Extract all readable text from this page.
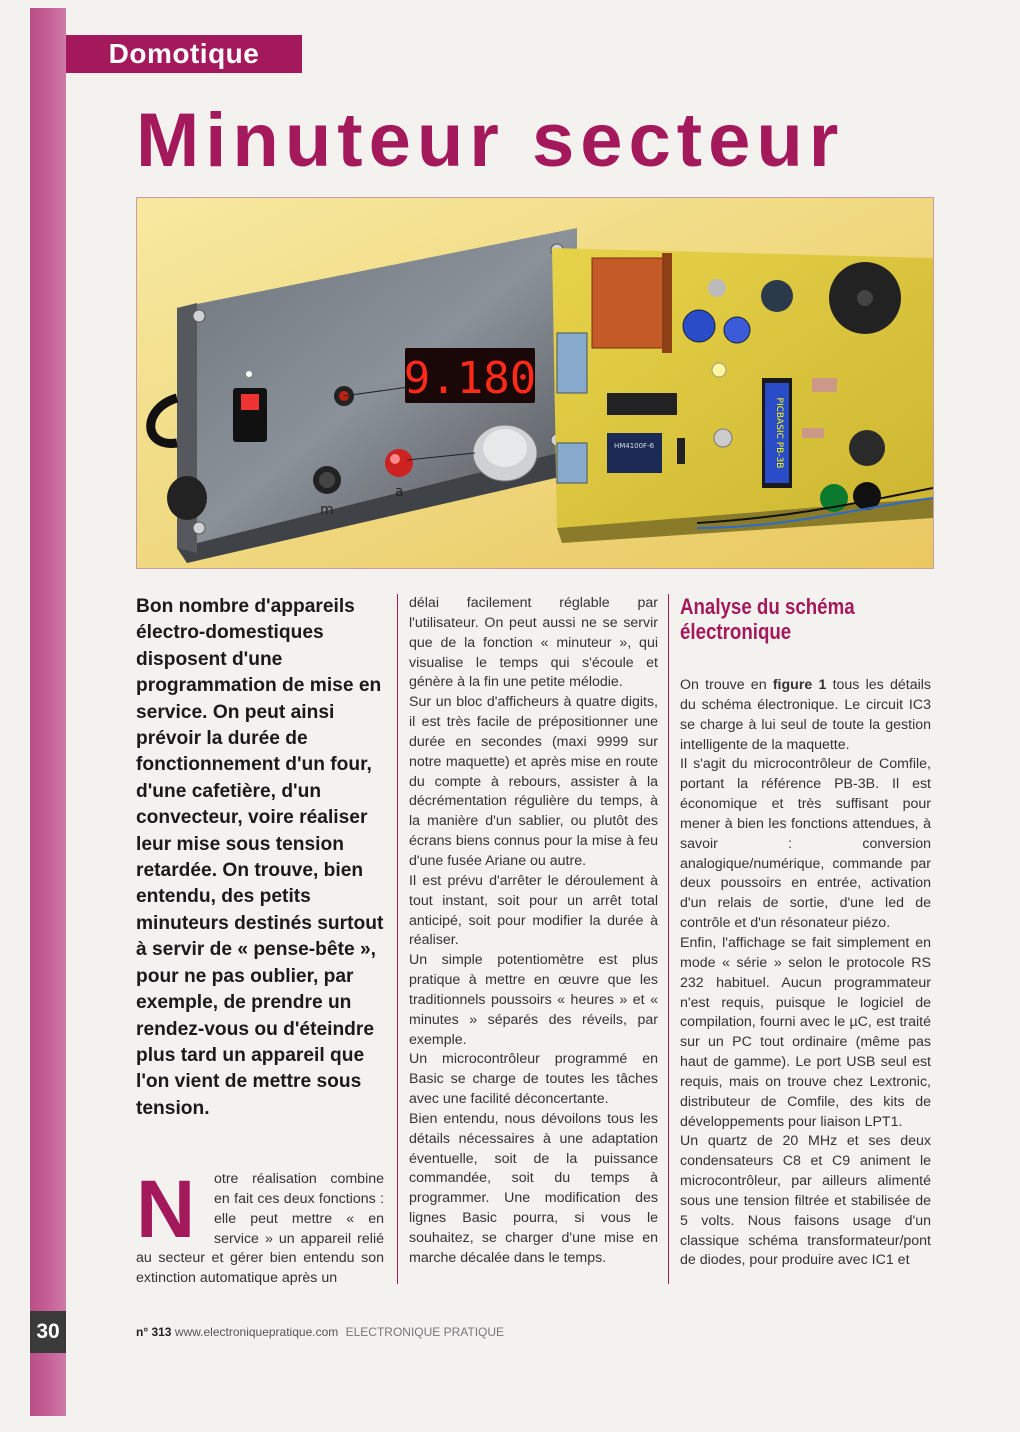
30
Domotique
Minuteur secteur
9.180
m
a
PICBASIC PB-3B
HM4100F-6
Bon nombre d'appareils électro-domestiques disposent d'une programmation de mise en service. On peut ainsi prévoir la durée de fonctionnement d'un four, d'une cafetière, d'un convecteur, voire réaliser leur mise sous tension retardée. On trouve, bien entendu, des petits minuteurs destinés surtout à servir de « pense-bête », pour ne pas oublier, par exemple, de prendre un rendez-vous ou d'éteindre plus tard un appareil que l'on vient de mettre sous tension.
N	otre réalisation combine en fait ces deux fonctions : elle peut mettre « en service » un appareil relié au secteur et gérer bien entendu son extinction automatique après un

délai facilement réglable par l'utilisateur. On peut aussi ne se servir que de la fonction « minuteur », qui visualise le temps qui s'écoule et génère à la fin une petite mélodie.

Sur un bloc d'afficheurs à quatre digits, il est très facile de prépositionner une durée en secondes (maxi 9999 sur notre maquette) et après mise en route du compte à rebours, assister à la décrémentation régulière du temps, à la manière d'un sablier, ou plutôt des écrans biens connus pour la mise à feu d'une fusée Ariane ou autre.

Il est prévu d'arrêter le déroulement à tout instant, soit pour un arrêt total anticipé, soit pour modifier la durée à réaliser.

Un simple potentiomètre est plus pratique à mettre en œuvre que les traditionnels poussoirs « heures » et « minutes » séparés des réveils, par exemple.

Un microcontrôleur programmé en Basic se charge de toutes les tâches avec une facilité déconcertante.

Bien entendu, nous dévoilons tous les détails nécessaires à une adaptation éventuelle, soit de la puissance commandée, soit du temps à programmer. Une modification des lignes Basic pourra, si vous le souhaitez, se charger d'une mise en marche décalée dans le temps.

Analyse du schéma électronique

On trouve en figure 1 tous les détails du schéma électronique. Le circuit IC3 se charge à lui seul de toute la gestion intelligente de la maquette.

Il s'agit du microcontrôleur de Comfile, portant la référence PB-3B. Il est économique et très suffisant pour mener à bien les fonctions attendues, à savoir : conversion analogique/numérique, commande par deux poussoirs en entrée, activation d'un relais de sortie, d'une led de contrôle et d'un résonateur piézo.

Enfin, l'affichage se fait simplement en mode « série » selon le protocole RS 232 habituel. Aucun programmateur n'est requis, puisque le logiciel de compilation, fourni avec le µC, est traité sur un PC tout ordinaire (même pas haut de gamme). Le port USB seul est requis, mais on trouve chez Lextronic, distributeur de Comfile, des kits de développements pour liaison LPT1.

Un quartz de 20 MHz et ses deux condensateurs C8 et C9 animent le microcontrôleur, par ailleurs alimenté sous une tension filtrée et stabilisée de 5 volts. Nous faisons usage d'un classique schéma transformateur/pont de diodes, pour produire avec IC1 et

n° 313 www.electroniquepratique.com ELECTRONIQUE PRATIQUE
